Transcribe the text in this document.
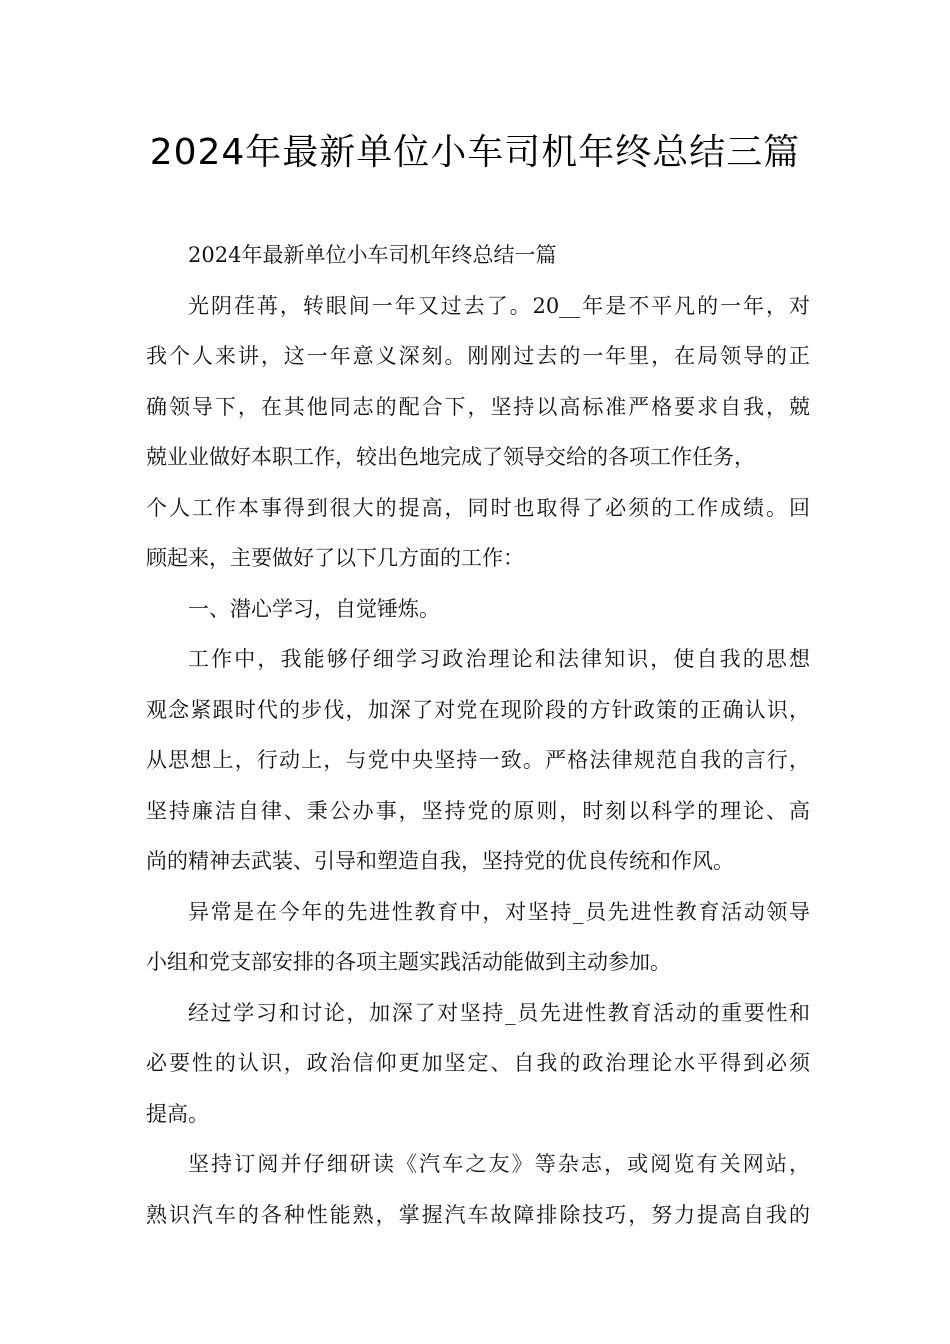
2024年最新单位小车司机年终总结三篇
2024年最新单位小车司机年终总结一篇
光阴荏苒，转眼间一年又过去了。20__年是不平凡的一年，对
我个人来讲，这一年意义深刻。刚刚过去的一年里，在局领导的正
确领导下，在其他同志的配合下，坚持以高标准严格要求自我，兢
兢业业做好本职工作，较出色地完成了领导交给的各项工作任务，
个人工作本事得到很大的提高，同时也取得了必须的工作成绩。回
顾起来，主要做好了以下几方面的工作：
一、潜心学习，自觉锤炼。
工作中，我能够仔细学习政治理论和法律知识，使自我的思想
观念紧跟时代的步伐，加深了对党在现阶段的方针政策的正确认识，
从思想上，行动上，与党中央坚持一致。严格法律规范自我的言行，
坚持廉洁自律、秉公办事，坚持党的原则，时刻以科学的理论、高
尚的精神去武装、引导和塑造自我，坚持党的优良传统和作风。
异常是在今年的先进性教育中，对坚持_员先进性教育活动领导
小组和党支部安排的各项主题实践活动能做到主动参加。
经过学习和讨论，加深了对坚持_员先进性教育活动的重要性和
必要性的认识，政治信仰更加坚定、自我的政治理论水平得到必须
提高。
坚持订阅并仔细研读《汽车之友》等杂志，或阅览有关网站，
熟识汽车的各种性能熟，掌握汽车故障排除技巧，努力提高自我的
